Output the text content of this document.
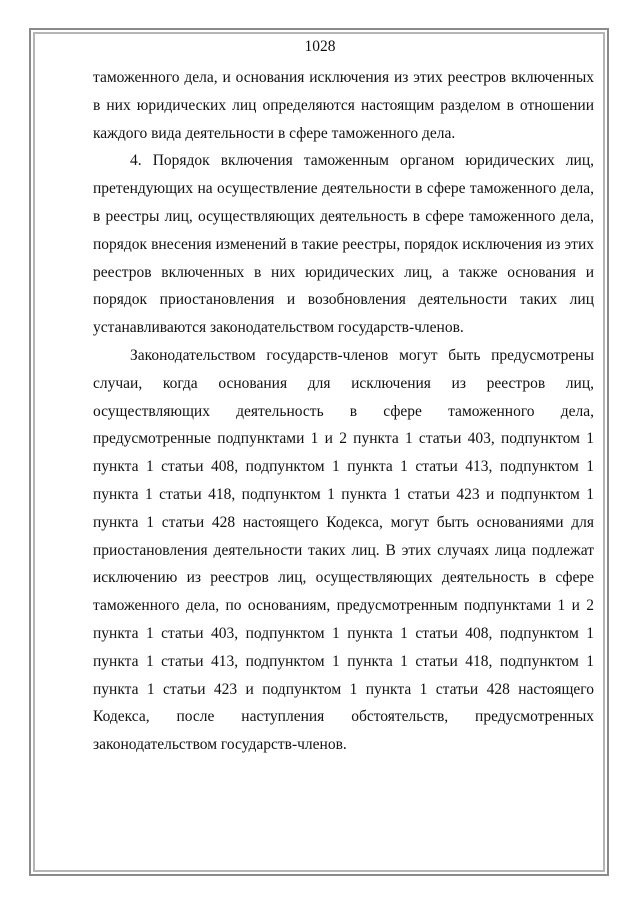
1028

таможенного дела, и основания исключения из этих реестров включенных в них юридических лиц определяются настоящим разделом в отношении каждого вида деятельности в сфере таможенного дела.

4. Порядок включения таможенным органом юридических лиц, претендующих на осуществление деятельности в сфере таможенного дела, в реестры лиц, осуществляющих деятельность в сфере таможенного дела, порядок внесения изменений в такие реестры, порядок исключения из этих реестров включенных в них юридических лиц, а также основания и порядок приостановления и возобновления деятельности таких лиц устанавливаются законодательством государств-членов.

Законодательством государств-членов могут быть предусмотрены случаи, когда основания для исключения из реестров лиц, осуществляющих деятельность в сфере таможенного дела, предусмотренные подпунктами 1 и 2 пункта 1 статьи 403, подпунктом 1 пункта 1 статьи 408, подпунктом 1 пункта 1 статьи 413, подпунктом 1 пункта 1 статьи 418, подпунктом 1 пункта 1 статьи 423 и подпунктом 1 пункта 1 статьи 428 настоящего Кодекса, могут быть основаниями для приостановления деятельности таких лиц. В этих случаях лица подлежат исключению из реестров лиц, осуществляющих деятельность в сфере таможенного дела, по основаниям, предусмотренным подпунктами 1 и 2 пункта 1 статьи 403, подпунктом 1 пункта 1 статьи 408, подпунктом 1 пункта 1 статьи 413, подпунктом 1 пункта 1 статьи 418, подпунктом 1 пункта 1 статьи 423 и подпунктом 1 пункта 1 статьи 428 настоящего Кодекса, после наступления обстоятельств, предусмотренных законодательством государств-членов.
